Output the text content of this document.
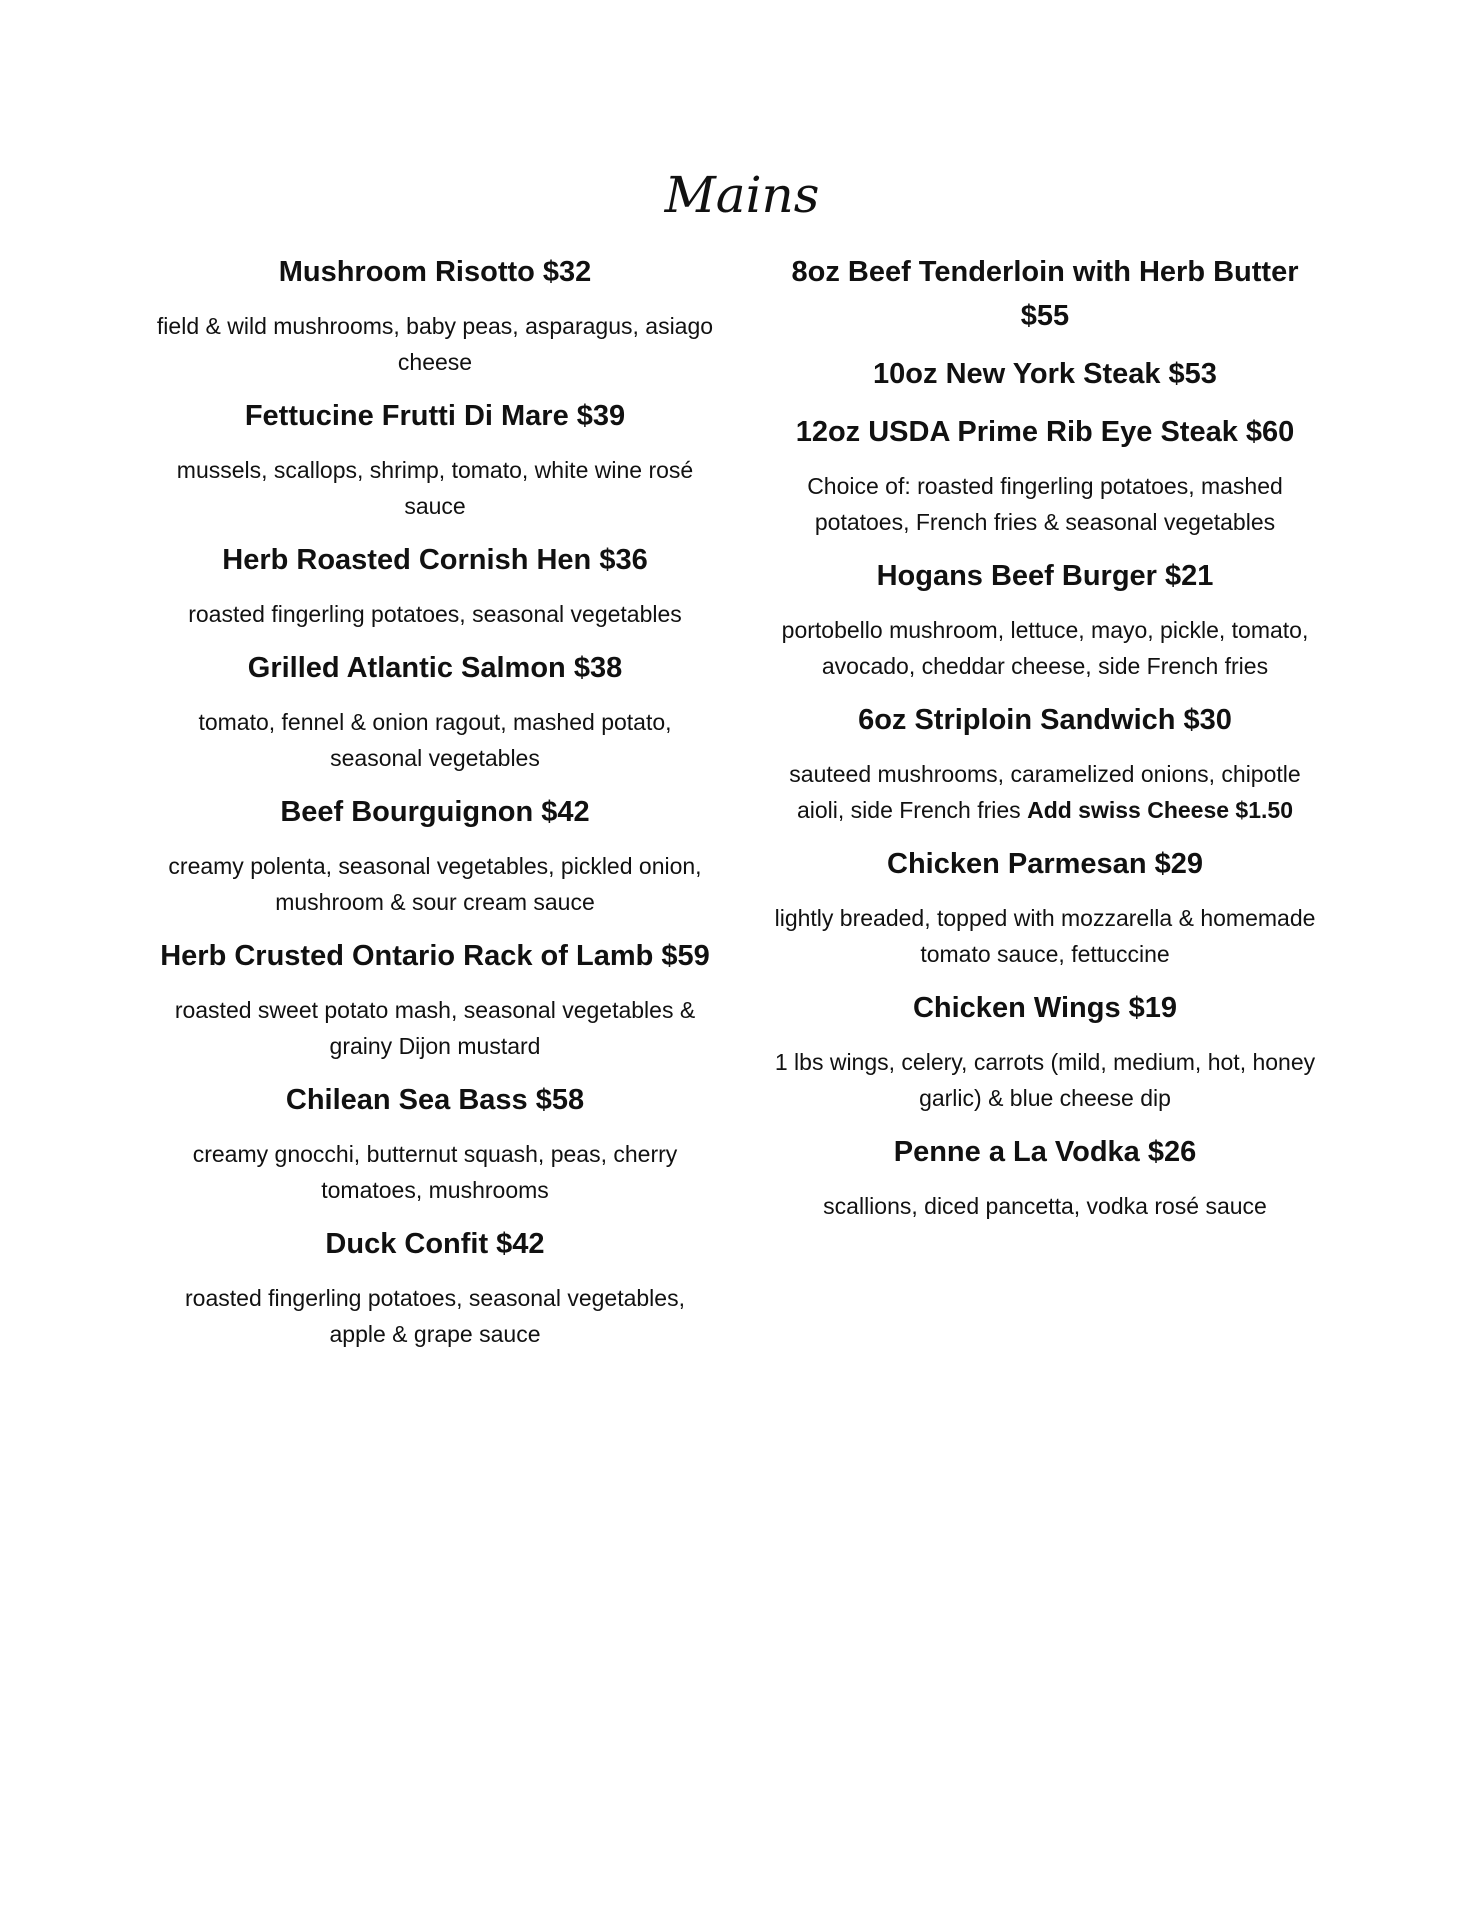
Mains
Mushroom Risotto $32
field & wild mushrooms, baby peas, asparagus, asiago cheese
Fettucine Frutti Di Mare $39
mussels, scallops, shrimp, tomato, white wine rosé sauce
Herb Roasted Cornish Hen $36
roasted fingerling potatoes, seasonal vegetables
Grilled Atlantic Salmon $38
tomato, fennel & onion ragout, mashed potato, seasonal vegetables
Beef Bourguignon $42
creamy polenta, seasonal vegetables, pickled onion, mushroom & sour cream sauce
Herb Crusted Ontario Rack of Lamb $59
roasted sweet potato mash, seasonal vegetables & grainy Dijon mustard
Chilean Sea Bass $58
creamy gnocchi, butternut squash, peas, cherry tomatoes, mushrooms
Duck Confit $42
roasted fingerling potatoes, seasonal vegetables, apple & grape sauce
8oz Beef Tenderloin with Herb Butter $55
10oz New York Steak $53
12oz USDA Prime Rib Eye Steak $60
Choice of: roasted fingerling potatoes, mashed potatoes, French fries & seasonal vegetables
Hogans Beef Burger $21
portobello mushroom, lettuce, mayo, pickle, tomato, avocado, cheddar cheese, side French fries
6oz Striploin Sandwich $30
sauteed mushrooms, caramelized onions, chipotle aioli, side French fries Add swiss Cheese $1.50
Chicken Parmesan $29
lightly breaded, topped with mozzarella & homemade tomato sauce, fettuccine
Chicken Wings $19
1 lbs wings, celery, carrots (mild, medium, hot, honey garlic) & blue cheese dip
Penne a La Vodka $26
scallions, diced pancetta, vodka rosé sauce
